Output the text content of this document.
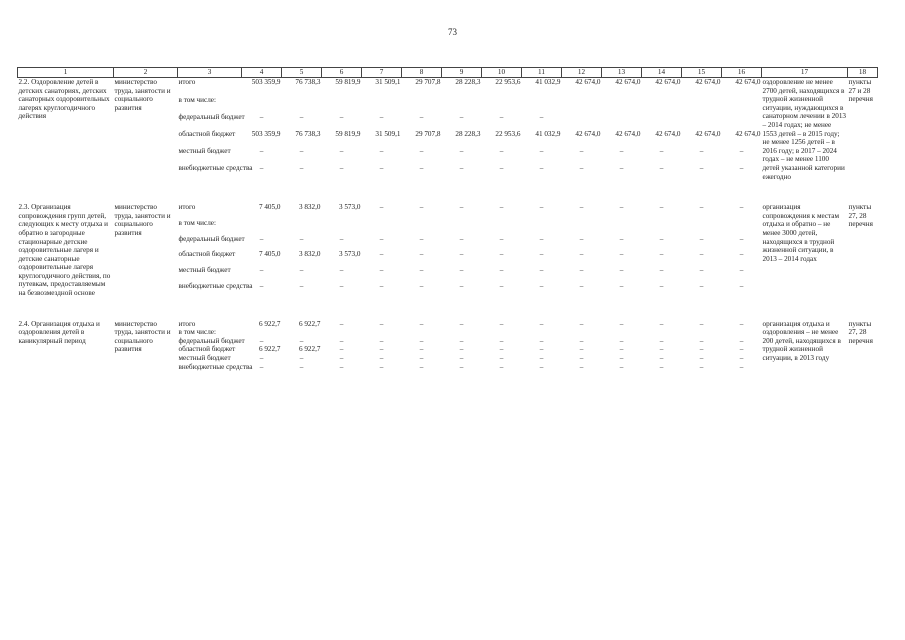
73
1	2	3	4	5	6	7	8	9	10	11	12	13	14	15	16	17	18
2.2. Оздоровление детей в детских санаториях, детских санаторных оздоровительных лагерях круглогодичного действия	министерство труда, занятости и социального развития	итого	503 359,9	76 738,3	59 819,9	31 509,1	29 707,8	28 228,3	22 953,6	41 032,9	42 674,0	42 674,0	42 674,0	42 674,0	42 674,0	оздоровление не менее 2700 детей, находящихся в трудной жизненной ситуации, нуждающихся в санаторном лечении в 2013 – 2014 годах; не менее 1553 детей – в 2015 году; не менее 1256 детей – в 2016 году; в 2017 – 2024 годах – не менее 1100 детей указанной категории ежегодно	пункты 27 и 28 перечня
		в том числе:															
		федеральный бюджет	–	–	–	–	–	–	–	–							
		областной бюджет	503 359,9	76 738,3	59 819,9	31 509,1	29 707,8	28 228,3	22 953,6	41 032,9	42 674,0	42 674,0	42 674,0	42 674,0	42 674,0		
		местный бюджет	–	–	–	–	–	–	–	–	–	–	–	–	–		
		внебюджетные средства	–	–	–	–	–	–	–	–	–	–	–	–	–		

2.3. Организация сопровождения групп детей, следующих к месту отдыха и обратно в загородные стационарные детские оздоровительные лагеря и детские санаторные оздоровительные лагеря круглогодичного действия, по путевкам, предоставляемым на безвозмездной основе	министерство труда, занятости и социального развития	итого	7 405,0	3 832,0	3 573,0	–	–	–	–	–	–	–	–	–	–	организация сопровождения к местам отдыха и обратно – не менее 3000 детей, находящихся в трудной жизненной ситуации, в 2013 – 2014 годах	пункты 27, 28 перечня
		в том числе:															
		федеральный бюджет	–	–	–	–	–	–	–	–	–	–	–	–	–		
		областной бюджет	7 405,0	3 832,0	3 573,0	–	–	–	–	–	–	–	–	–	–		
		местный бюджет	–	–	–	–	–	–	–	–	–	–	–	–	–		
		внебюджетные средства	–	–	–	–	–	–	–	–	–	–	–	–	–		

2.4. Организация отдыха и оздоровления детей в каникулярный период	министерство труда, занятости и социального развития	итого	6 922,7	6 922,7	–	–	–	–	–	–	–	–	–	–	–	организация отдыха и оздоровления – не менее 200 детей, находящихся в трудной жизненной ситуации, в 2013 году	пункты 27, 28 перечня
		в том числе:															
		федеральный бюджет	–	–	–	–	–	–	–	–	–	–	–	–	–		
		областной бюджет	6 922,7	6 922,7	–	–	–	–	–	–	–	–	–	–	–		
		местный бюджет	–	–	–	–	–	–	–	–	–	–	–	–	–		
		внебюджетные средства	–	–	–	–	–	–	–	–	–	–	–	–	–		
